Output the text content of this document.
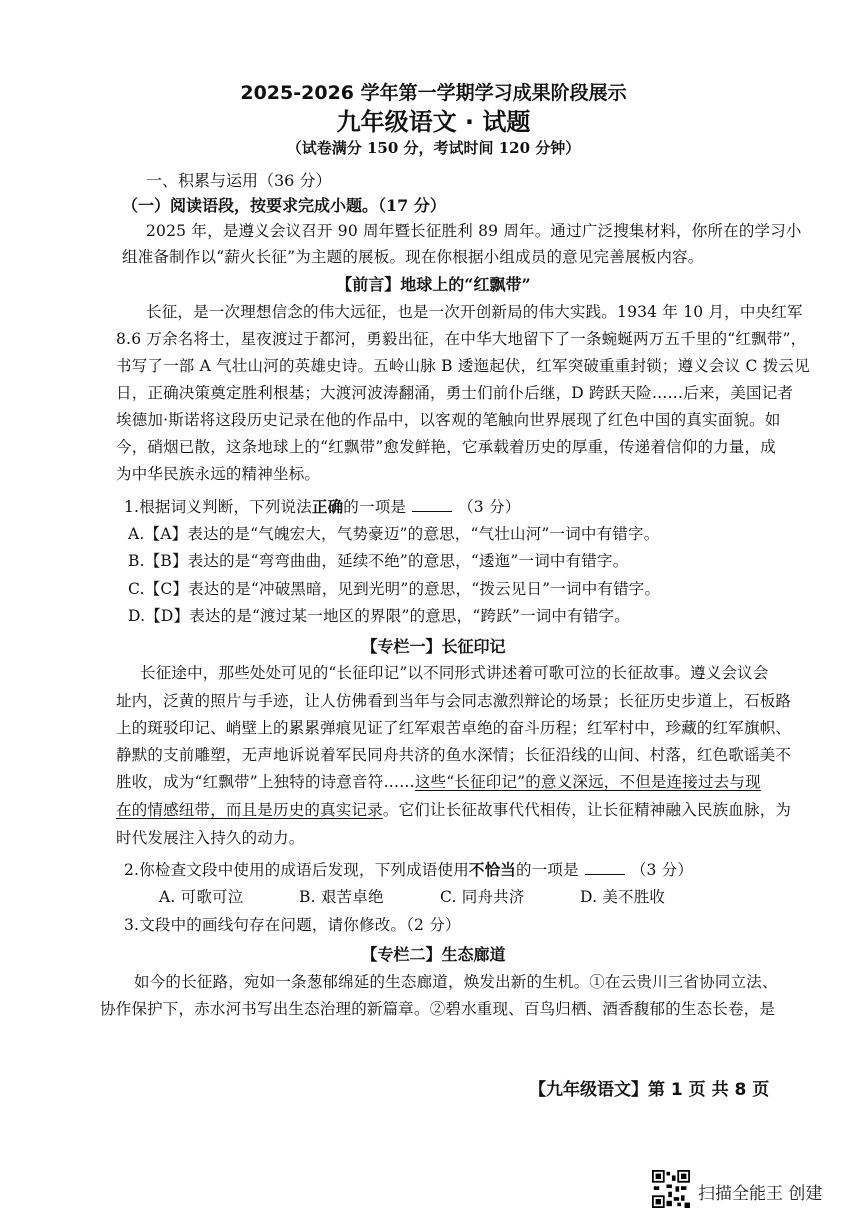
2025-2026 学年第一学期学习成果阶段展示
九年级语文 · 试题
（试卷满分 150 分，考试时间 120 分钟）
一、积累与运用（36 分）
（一）阅读语段，按要求完成小题。（17 分）
2025 年，是遵义会议召开 90 周年暨长征胜利 89 周年。通过广泛搜集材料，你所在的学习小
组准备制作以“薪火长征”为主题的展板。现在你根据小组成员的意见完善展板内容。
【前言】地球上的“红飘带”
长征，是一次理想信念的伟大远征，也是一次开创新局的伟大实践。1934 年 10 月，中央红军
8.6 万余名将士，星夜渡过于都河，勇毅出征，在中华大地留下了一条蜿蜒两万五千里的“红飘带”，
书写了一部 A 气壮山河的英雄史诗。五岭山脉 B 逶迤起伏，红军突破重重封锁；遵义会议 C 拨云见
日，正确决策奠定胜利根基；大渡河波涛翻涌，勇士们前仆后继，D 跨跃天险……后来，美国记者
埃德加·斯诺将这段历史记录在他的作品中，以客观的笔触向世界展现了红色中国的真实面貌。如
今，硝烟已散，这条地球上的“红飘带”愈发鲜艳，它承载着历史的厚重，传递着信仰的力量，成
为中华民族永远的精神坐标。
1.根据词义判断，下列说法正确的一项是	（3 分）
A.【A】表达的是“气魄宏大，气势豪迈”的意思，“气壮山河”一词中有错字。
B.【B】表达的是“弯弯曲曲，延续不绝”的意思，“逶迤”一词中有错字。
C.【C】表达的是“冲破黑暗，见到光明”的意思，“拨云见日”一词中有错字。
D.【D】表达的是“渡过某一地区的界限”的意思，“跨跃”一词中有错字。
【专栏一】长征印记
长征途中，那些处处可见的“长征印记”以不同形式讲述着可歌可泣的长征故事。遵义会议会
址内，泛黄的照片与手迹，让人仿佛看到当年与会同志激烈辩论的场景；长征历史步道上，石板路
上的斑驳印记、峭壁上的累累弹痕见证了红军艰苦卓绝的奋斗历程；红军村中，珍藏的红军旗帜、
静默的支前雕塑，无声地诉说着军民同舟共济的鱼水深情；长征沿线的山间、村落，红色歌谣美不
胜收，成为“红飘带”上独特的诗意音符……这些“长征印记”的意义深远，不但是连接过去与现
在的情感纽带，而且是历史的真实记录。它们让长征故事代代相传，让长征精神融入民族血脉，为
时代发展注入持久的动力。
2.你检查文段中使用的成语后发现，下列成语使用不恰当的一项是	（3 分）
A. 可歌可泣	B. 艰苦卓绝	C. 同舟共济	D. 美不胜收
3.文段中的画线句存在问题，请你修改。（2 分）
【专栏二】生态廊道
如今的长征路，宛如一条葱郁绵延的生态廊道，焕发出新的生机。①在云贵川三省协同立法、
协作保护下，赤水河书写出生态治理的新篇章。②碧水重现、百鸟归栖、酒香馥郁的生态长卷，是
【九年级语文】第 1 页 共 8 页
扫描全能王 创建
